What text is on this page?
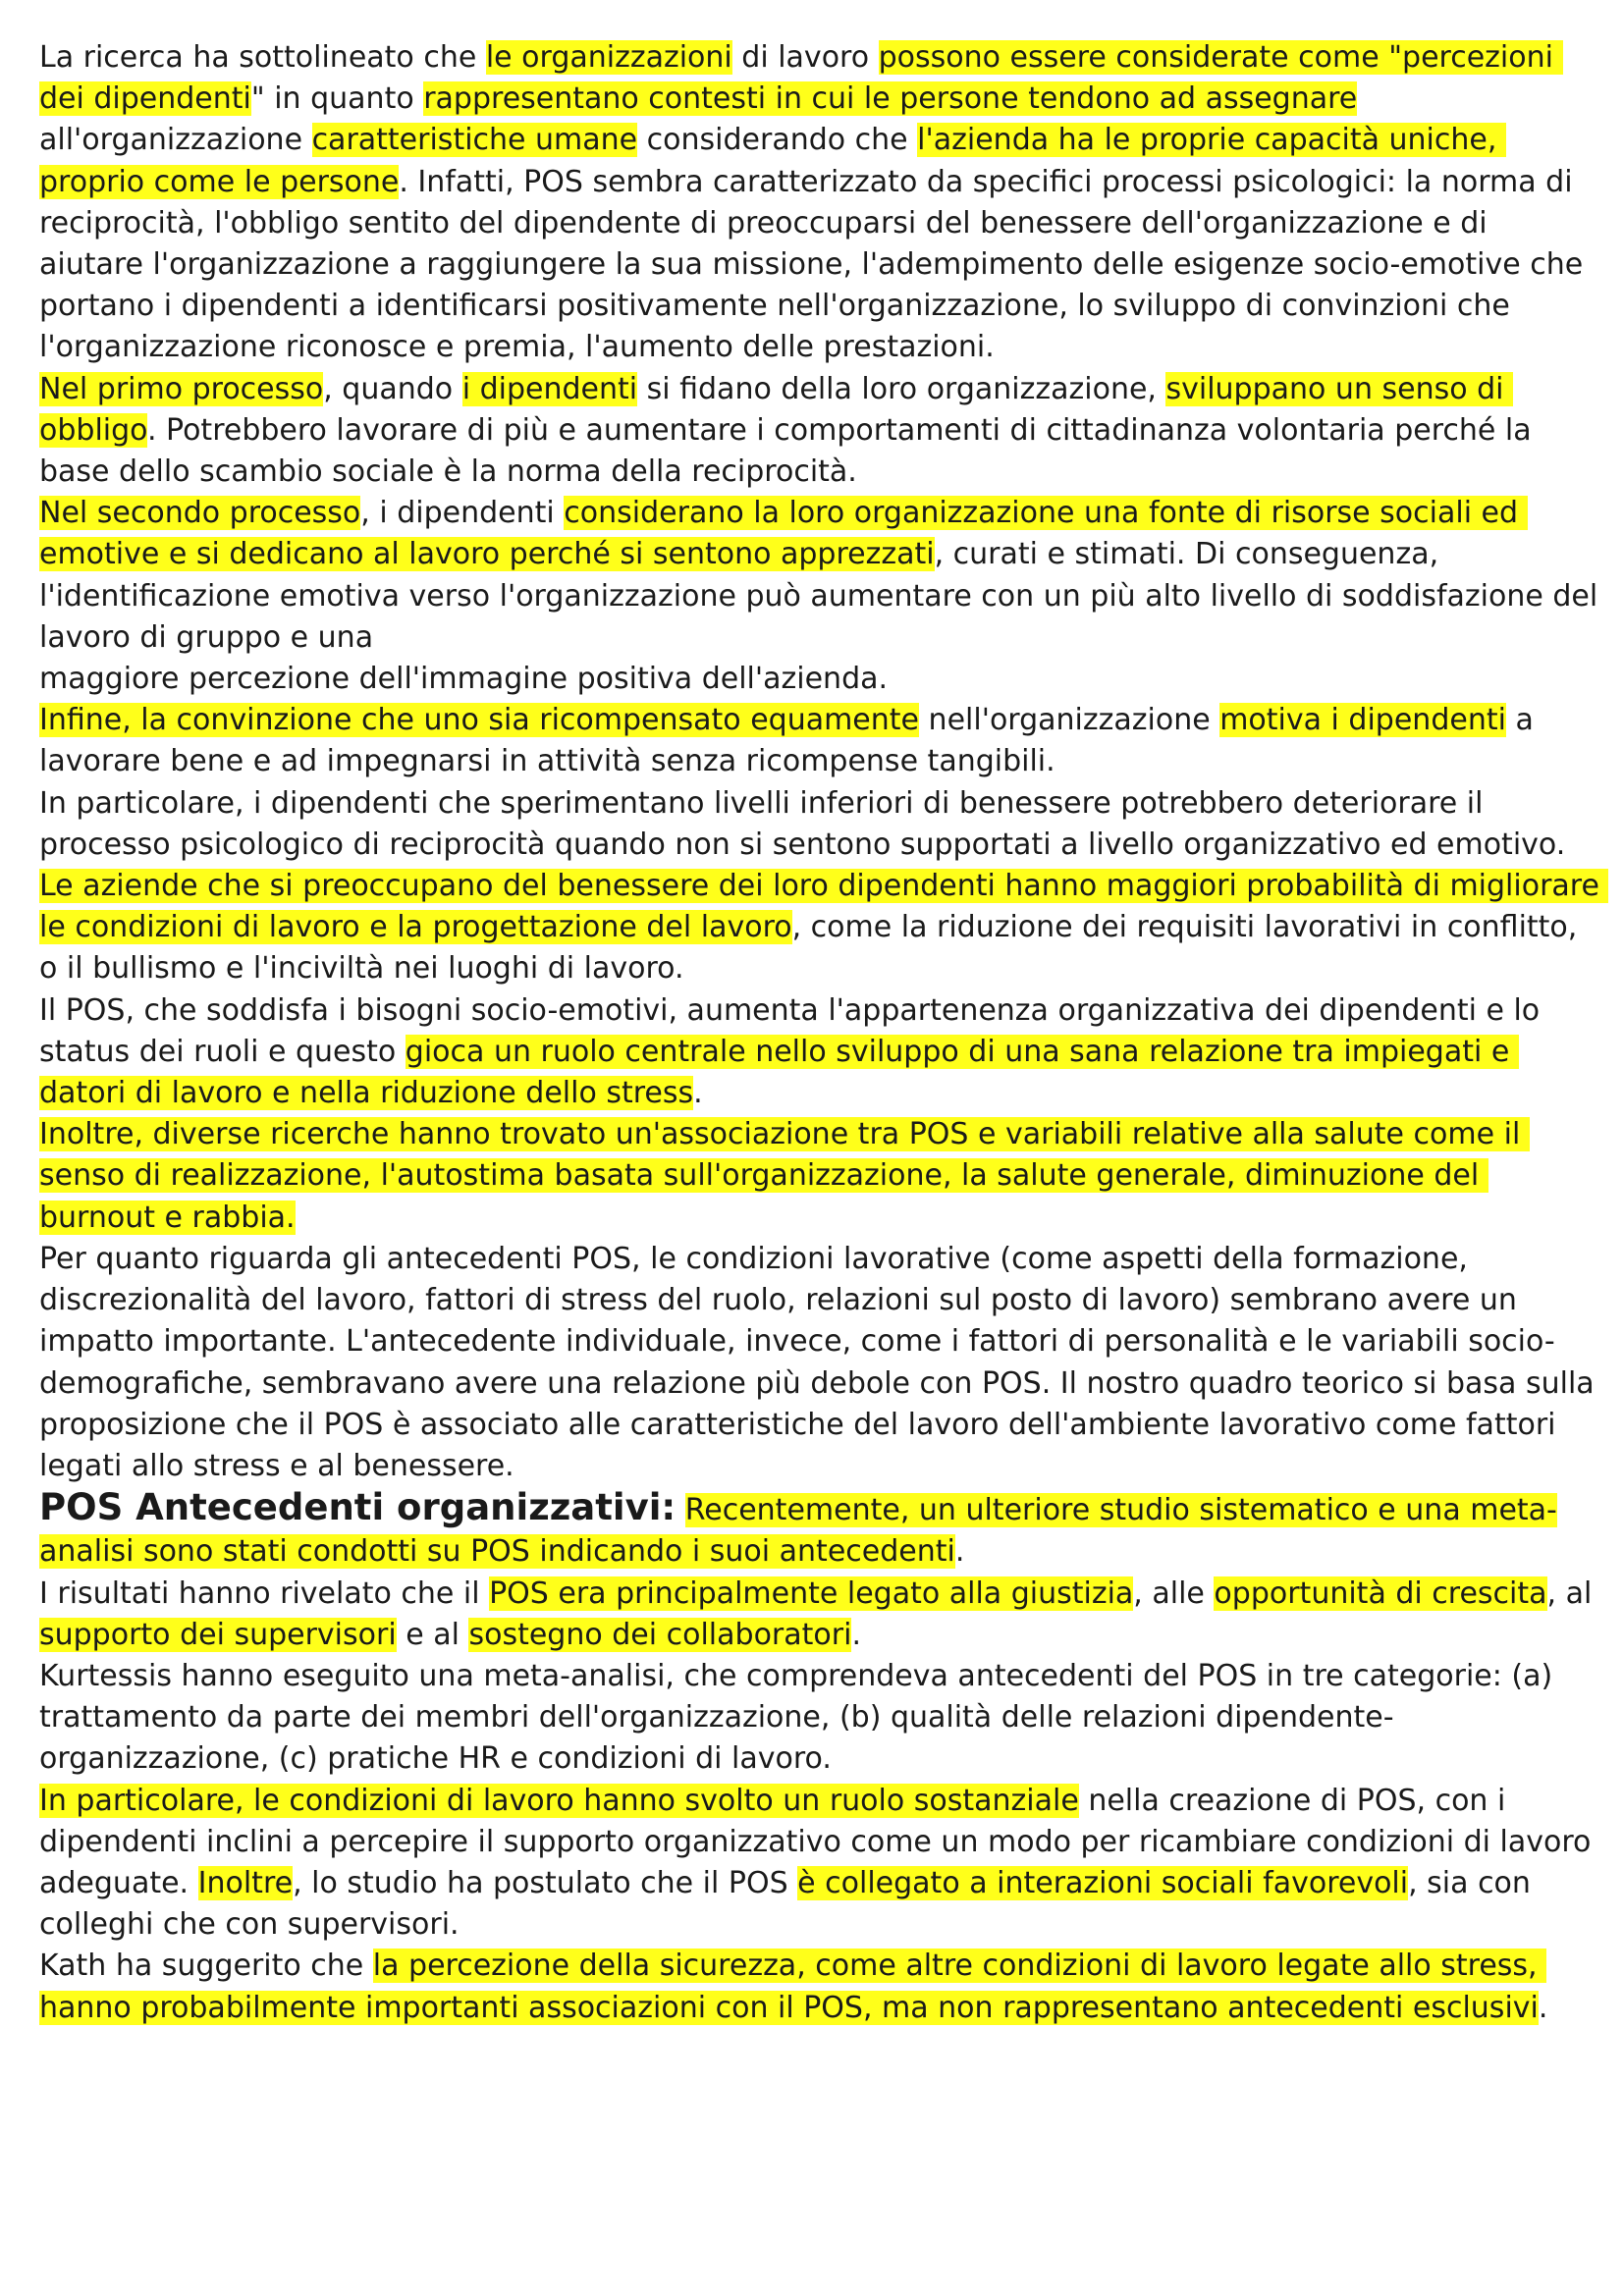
La ricerca ha sottolineato che le organizzazioni di lavoro possono essere considerate come "percezioni dei dipendenti" in quanto rappresentano contesti in cui le persone tendono ad assegnare all'organizzazione caratteristiche umane considerando che l'azienda ha le proprie capacità uniche, proprio come le persone. Infatti, POS sembra caratterizzato da specifici processi psicologici: la norma di reciprocità, l'obbligo sentito del dipendente di preoccuparsi del benessere dell'organizzazione e di aiutare l'organizzazione a raggiungere la sua missione, l'adempimento delle esigenze socio-emotive che portano i dipendenti a identificarsi positivamente nell'organizzazione, lo sviluppo di convinzioni che l'organizzazione riconosce e premia, l'aumento delle prestazioni.

Nel primo processo, quando i dipendenti si fidano della loro organizzazione, sviluppano un senso di obbligo. Potrebbero lavorare di più e aumentare i comportamenti di cittadinanza volontaria perché la base dello scambio sociale è la norma della reciprocità.

Nel secondo processo, i dipendenti considerano la loro organizzazione una fonte di risorse sociali ed emotive e si dedicano al lavoro perché si sentono apprezzati, curati e stimati. Di conseguenza, l'identificazione emotiva verso l'organizzazione può aumentare con un più alto livello di soddisfazione del lavoro di gruppo e una
maggiore percezione dell'immagine positiva dell'azienda.

Infine, la convinzione che uno sia ricompensato equamente nell'organizzazione motiva i dipendenti a lavorare bene e ad impegnarsi in attività senza ricompense tangibili.

In particolare, i dipendenti che sperimentano livelli inferiori di benessere potrebbero deteriorare il processo psicologico di reciprocità quando non si sentono supportati a livello organizzativo ed emotivo.

Le aziende che si preoccupano del benessere dei loro dipendenti hanno maggiori probabilità di migliorare le condizioni di lavoro e la progettazione del lavoro, come la riduzione dei requisiti lavorativi in conflitto, o il bullismo e l'inciviltà nei luoghi di lavoro.

Il POS, che soddisfa i bisogni socio-emotivi, aumenta l'appartenenza organizzativa dei dipendenti e lo status dei ruoli e questo gioca un ruolo centrale nello sviluppo di una sana relazione tra impiegati e datori di lavoro e nella riduzione dello stress.

Inoltre, diverse ricerche hanno trovato un'associazione tra POS e variabili relative alla salute come il senso di realizzazione, l'autostima basata sull'organizzazione, la salute generale, diminuzione del burnout e rabbia.

Per quanto riguarda gli antecedenti POS, le condizioni lavorative (come aspetti della formazione, discrezionalità del lavoro, fattori di stress del ruolo, relazioni sul posto di lavoro) sembrano avere un impatto importante. L'antecedente individuale, invece, come i fattori di personalità e le variabili socio-demografiche, sembravano avere una relazione più debole con POS. Il nostro quadro teorico si basa sulla proposizione che il POS è associato alle caratteristiche del lavoro dell'ambiente lavorativo come fattori legati allo stress e al benessere.

POS Antecedenti organizzativi: Recentemente, un ulteriore studio sistematico e una meta-analisi sono stati condotti su POS indicando i suoi antecedenti.

I risultati hanno rivelato che il POS era principalmente legato alla giustizia, alle opportunità di crescita, al supporto dei supervisori e al sostegno dei collaboratori.

Kurtessis hanno eseguito una meta-analisi, che comprendeva antecedenti del POS in tre categorie: (a) trattamento da parte dei membri dell'organizzazione, (b) qualità delle relazioni dipendente-organizzazione, (c) pratiche HR e condizioni di lavoro.

In particolare, le condizioni di lavoro hanno svolto un ruolo sostanziale nella creazione di POS, con i dipendenti inclini a percepire il supporto organizzativo come un modo per ricambiare condizioni di lavoro adeguate. Inoltre, lo studio ha postulato che il POS è collegato a interazioni sociali favorevoli, sia con colleghi che con supervisori.

Kath ha suggerito che la percezione della sicurezza, come altre condizioni di lavoro legate allo stress, hanno probabilmente importanti associazioni con il POS, ma non rappresentano antecedenti esclusivi.
